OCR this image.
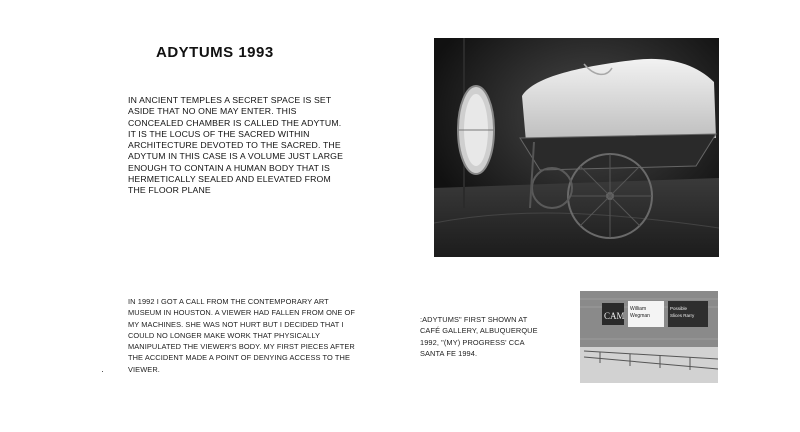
ADYTUMS 1993
IN ANCIENT TEMPLES A SECRET SPACE IS SET
ASIDE THAT NO ONE MAY ENTER. THIS
CONCEALED CHAMBER IS CALLED THE ADYTUM.
IT IS THE LOCUS OF THE SACRED WITHIN
ARCHITECTURE DEVOTED TO THE SACRED. THE
ADYTUM IN THIS CASE IS A VOLUME JUST LARGE
ENOUGH TO CONTAIN A HUMAN BODY THAT IS
HERMETICALLY SEALED AND ELEVATED FROM
THE FLOOR PLANE
IN 1992 I GOT A CALL FROM THE CONTEMPORARY ART
MUSEUM IN HOUSTON. A VIEWER HAD FALLEN FROM ONE OF
MY MACHINES. SHE WAS NOT HURT BUT I DECIDED THAT I
COULD NO LONGER MAKE WORK THAT PHYSICALLY
MANIPULATED THE VIEWER'S BODY. MY FIRST PIECES AFTER
THE ACCIDENT MADE A POINT OF DENYING ACCESS TO THE
VIEWER.
:ADYTUMS" FIRST SHOWN AT
CAFÉ GALLERY, ALBUQUERQUE
1992, "(MY) PROGRESS' CCA
SANTA FE 1994.
CAM
William
Wegman
Possible
Slices Rarry
